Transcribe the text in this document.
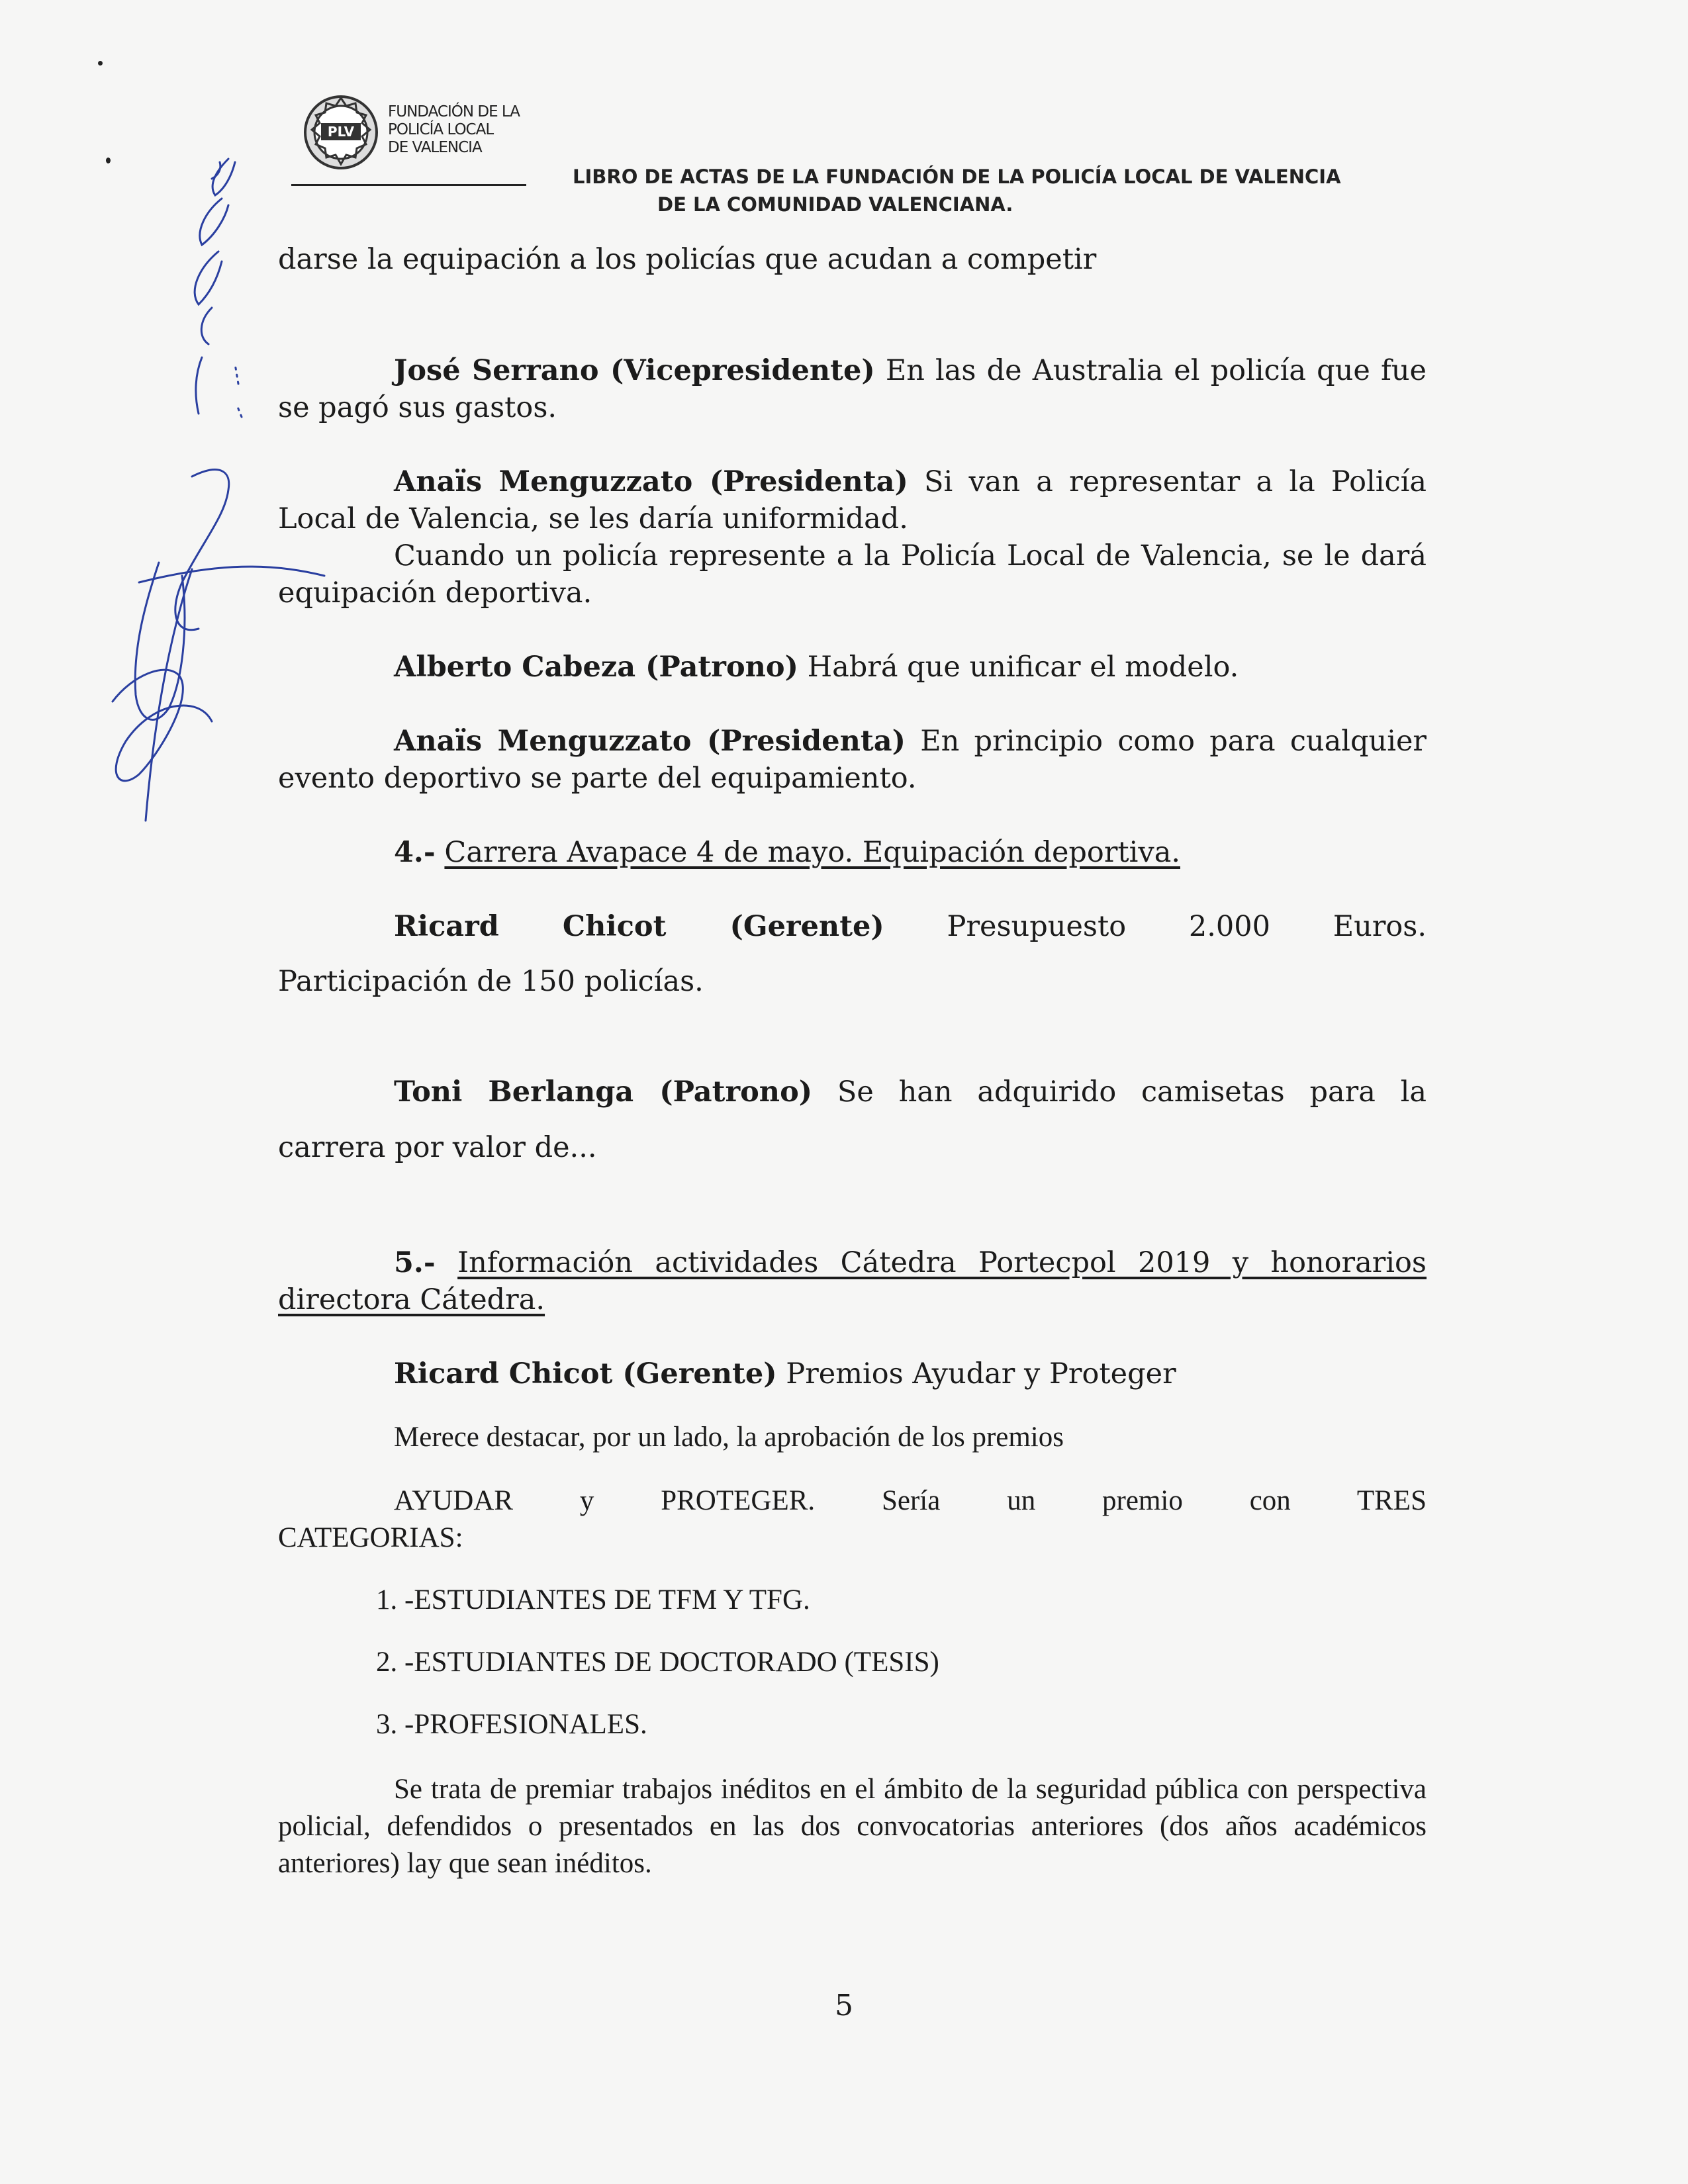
PLV
FUNDACIÓN DE LA
POLICÍA LOCAL
DE VALENCIA
LIBRO DE ACTAS DE LA FUNDACIÓN DE LA POLICÍA LOCAL DE VALENCIA
DE LA COMUNIDAD VALENCIANA.

darse la equipación a los policías que acudan a competir

José Serrano (Vicepresidente) En las de Australia el policía que fue se pagó sus gastos.

Anaïs Menguzzato (Presidenta) Si van a representar a la Policía Local de Valencia, se les daría uniformidad.

Cuando un policía represente a la Policía Local de Valencia, se le dará equipación deportiva.

Alberto Cabeza (Patrono) Habrá que unificar el modelo.

Anaïs Menguzzato (Presidenta) En principio como para cualquier evento deportivo se parte del equipamiento.

4.- Carrera Avapace 4 de mayo. Equipación deportiva.

Ricard Chicot (Gerente) Presupuesto 2.000 Euros.

Participación de 150 policías.

Toni Berlanga (Patrono) Se han adquirido camisetas para la

carrera por valor de...

5.- Información actividades Cátedra Portecpol 2019 y honorarios directora Cátedra.

Ricard Chicot (Gerente) Premios Ayudar y Proteger

Merece destacar, por un lado, la aprobación de los premios

AYUDAR y PROTEGER. Sería un premio con TRES

CATEGORIAS:

1. -ESTUDIANTES DE TFM Y TFG.
2. -ESTUDIANTES DE DOCTORADO (TESIS)
3. -PROFESIONALES.

Se trata de premiar trabajos inéditos en el ámbito de la seguridad pública con perspectiva policial, defendidos o presentados en las dos convocatorias anteriores (dos años académicos anteriores) lay que sean inéditos.

5
